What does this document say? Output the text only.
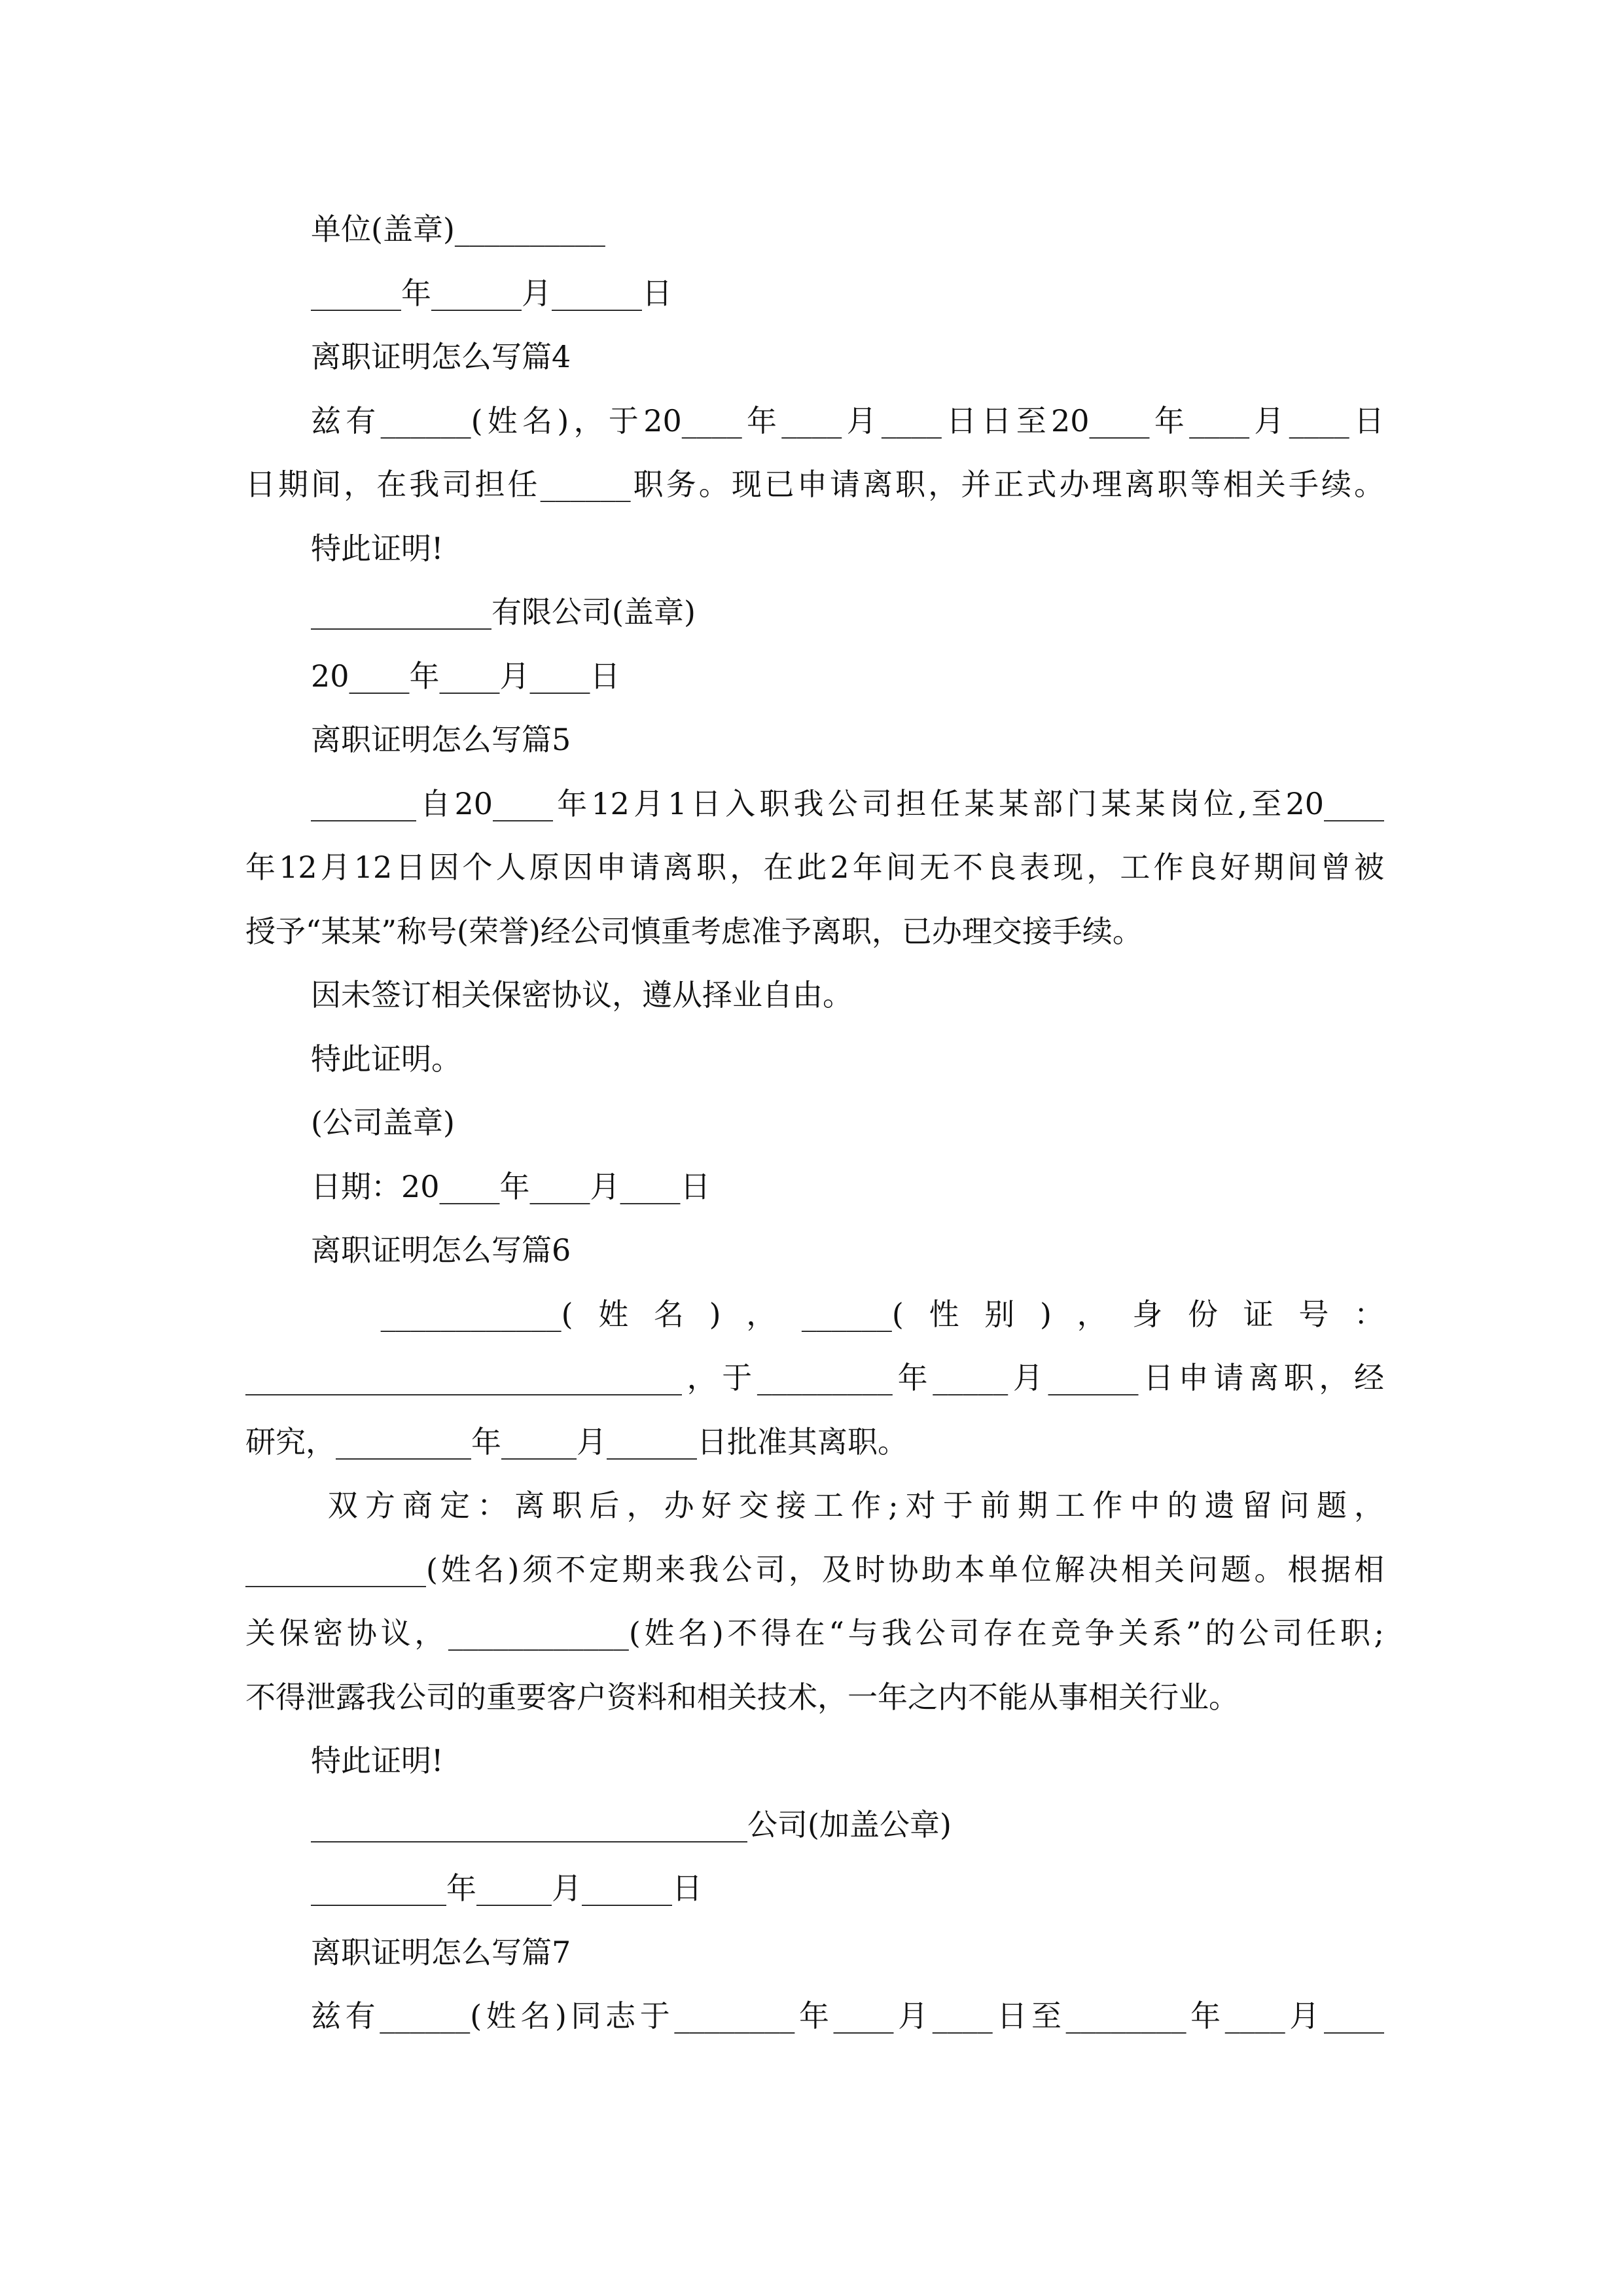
单位(盖章)__________
______年______月______日
离职证明怎么写篇4
兹有______(姓名)，于20____年____月____日日至20____年____月____日
日期间，在我司担任______职务。现已申请离职，并正式办理离职等相关手续。
特此证明!
____________有限公司(盖章)
20____年____月____日
离职证明怎么写篇5
_______自20____年12月1日入职我公司担任某某部门某某岗位,至20____
年12月12日因个人原因申请离职，在此2年间无不良表现，工作良好期间曾被
授予“某某”称号(荣誉)经公司慎重考虑准予离职，已办理交接手续。
因未签订相关保密协议，遵从择业自由。
特此证明。
(公司盖章)
日期：20____年____月____日
离职证明怎么写篇6
____________(姓名)，______(性别)，身份证号：
_____________________________，于_________年_____月______日申请离职，经
研究，_________年_____月______日批准其离职。
双方商定：离职后，办好交接工作;对于前期工作中的遗留问题，
____________(姓名)须不定期来我公司，及时协助本单位解决相关问题。根据相
关保密协议，____________(姓名)不得在“与我公司存在竞争关系”的公司任职;
不得泄露我公司的重要客户资料和相关技术，一年之内不能从事相关行业。
特此证明!
_____________________________公司(加盖公章)
_________年_____月______日
离职证明怎么写篇7
兹有______(姓名)同志于________年____月____日至________年____月____
